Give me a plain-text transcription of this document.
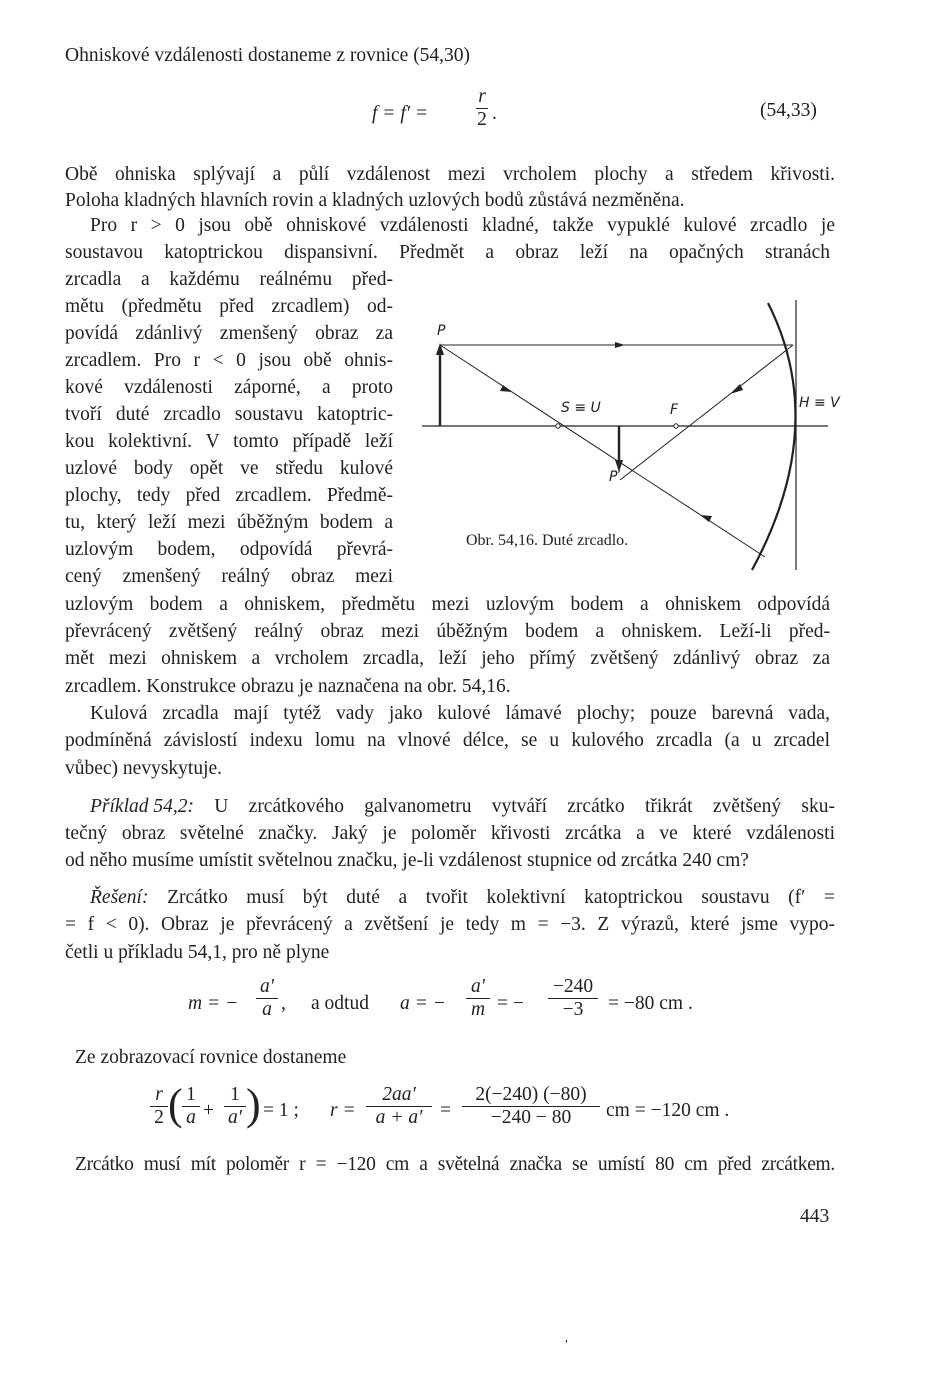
Ohniskové vzdálenosti dostaneme z rovnice (54,30)
f = f′ =
r
2 .	(54,33)
Obě ohniska splývají a půlí vzdálenost mezi vrcholem plochy a středem křivosti.
Poloha kladných hlavních rovin a kladných uzlových bodů zůstává nezměněna.
Pro r > 0 jsou obě ohniskové vzdálenosti kladné, takže vypuklé kulové zrcadlo je
soustavou katoptrickou dispansivní. Předmět a obraz leží na opačných stranách
zrcadla a každému reálnému před-
mětu (předmětu před zrcadlem) od-
povídá zdánlivý zmenšený obraz za
zrcadlem. Pro r < 0 jsou obě ohnis-
kové vzdálenosti záporné, a proto
tvoří duté zrcadlo soustavu katoptric-
kou kolektivní. V tomto případě leží
uzlové body opět ve středu kulové
plochy, tedy před zrcadlem. Předmě-
tu, který leží mezi úběžným bodem a
uzlovým bodem, odpovídá převrá-
cený zmenšený reálný obraz mezi
P
S ≡ U	F
P′
H ≡ V
Obr. 54,16. Duté zrcadlo.
uzlovým bodem a ohniskem, předmětu mezi uzlovým bodem a ohniskem odpovídá
převrácený zvětšený reálný obraz mezi úběžným bodem a ohniskem. Leží-li před-
mět mezi ohniskem a vrcholem zrcadla, leží jeho přímý zvětšený zdánlivý obraz za
zrcadlem. Konstrukce obrazu je naznačena na obr. 54,16.
Kulová zrcadla mají tytéž vady jako kulové lámavé plochy; pouze barevná vada,
podmíněná závislostí indexu lomu na vlnové délce, se u kulového zrcadla (a u zrcadel
vůbec) nevyskytuje.
Příklad 54,2: U zrcátkového galvanometru vytváří zrcátko třikrát zvětšený sku-
tečný obraz světelné značky. Jaký je poloměr křivosti zrcátka a ve které vzdálenosti
od něho musíme umístit světelnou značku, je-li vzdálenost stupnice od zrcátka 240 cm?
Řešení: Zrcátko musí být duté a tvořit kolektivní katoptrickou soustavu (f′ =
= f < 0). Obraz je převrácený a zvětšení je tedy m = −3. Z výrazů, které jsme vypo-
četli u příkladu 54,1, pro ně plyne
m = −
a′
a , a odtud a = −
a′
m = −
−240
−3	= −80 cm .
Ze zobrazovací rovnice dostaneme
r
2 ( 1
a +
1
a′ ) = 1 ; r =
2aa′
a + a′ =
2(−240) (−80)
−240 − 80	cm = −120 cm .
Zrcátko musí mít poloměr r = −120 cm a světelná značka se umístí 80 cm před zrcátkem.
443
′
